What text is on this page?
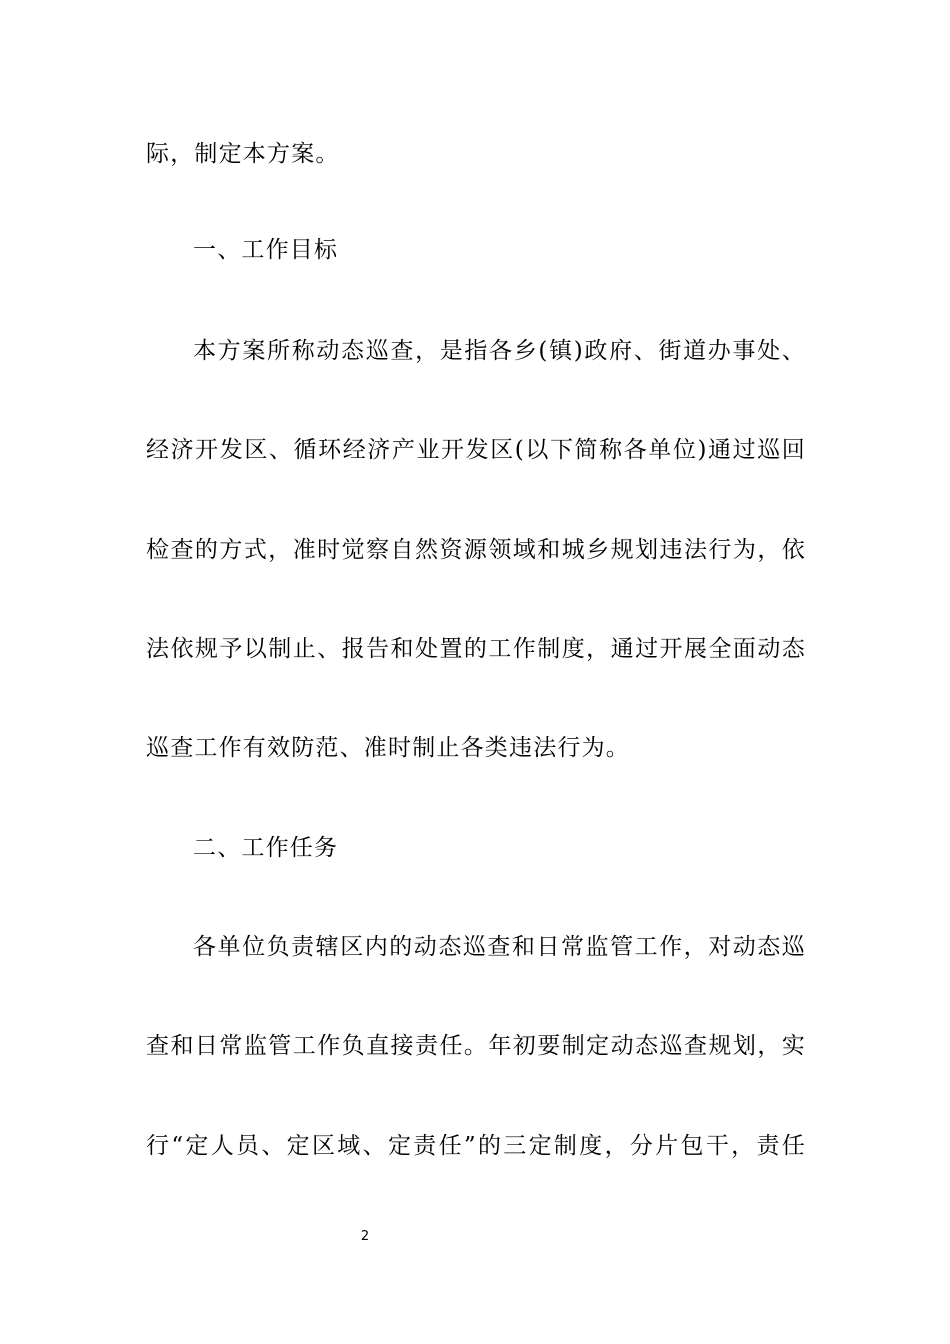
际，制定本方案。
一、工作目标
本方案所称动态巡查，是指各乡(镇)政府、街道办事处、
经济开发区、循环经济产业开发区(以下简称各单位)通过巡回
检查的方式，准时觉察自然资源领域和城乡规划违法行为，依
法依规予以制止、报告和处置的工作制度，通过开展全面动态
巡查工作有效防范、准时制止各类违法行为。
二、工作任务
各单位负责辖区内的动态巡查和日常监管工作，对动态巡
查和日常监管工作负直接责任。年初要制定动态巡查规划，实
行“定人员、定区域、定责任”的三定制度，分片包干，责任
2
